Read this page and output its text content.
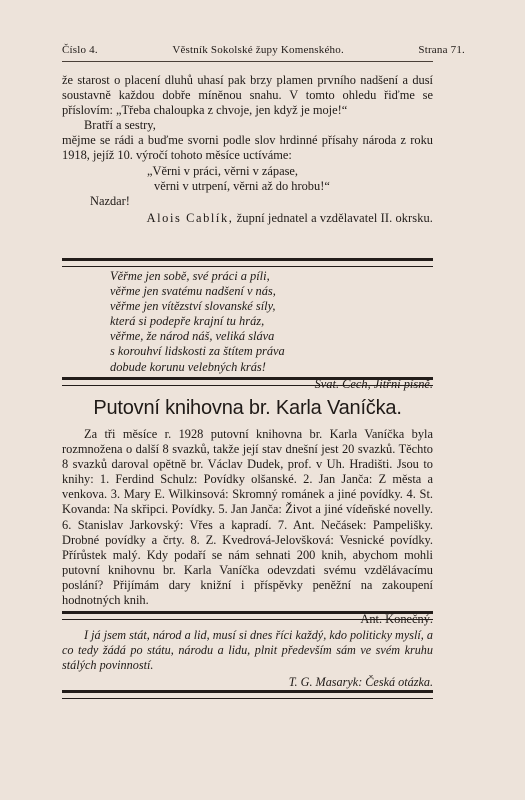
Číslo 4.	Věstník Sokolské župy Komenského.	Strana 71.

že starost o placení dluhů uhasí pak brzy plamen prvního nadšení a dusí soustavně každou dobře míněnou snahu. V tomto ohledu řiďme se příslovím: „Třeba chaloupka z chvoje, jen když je moje!“

Bratří a sestry,

mějme se rádi a buďme svorni podle slov hrdinné přísahy národa z roku 1918, jejíž 10. výročí tohoto měsíce uctíváme:

„Věrni v práci, věrni v zápase,

věrni v utrpení, věrni až do hrobu!“

Nazdar!

Alois Cablík, župní jednatel a vzdělavatel II. okrsku.

Věřme jen sobě, své práci a píli,

věřme jen svatému nadšení v nás,

věřme jen vítězství slovanské síly,

která si podepře krajní tu hráz,

věřme, že národ náš, veliká sláva

s korouhví lidskosti za štítem práva

dobude korunu velebných krás!

Svat. Čech, Jitřní písně.

Putovní knihovna br. Karla Vaníčka.

Za tři měsíce r. 1928 putovní knihovna br. Karla Vaníčka byla rozmnožena o další 8 svazků, takže její stav dnešní jest 20 svazků. Těchto 8 svazků daroval opětně br. Václav Dudek, prof. v Uh. Hradišti. Jsou to knihy: 1. Ferdind Schulz: Povídky olšanské. 2. Jan Janča: Z města a venkova. 3. Mary E. Wilkinsová: Skromný románek a jiné povídky. 4. St. Kovanda: Na skřipci. Povídky. 5. Jan Janča: Život a jiné vídeňské novelly. 6. Stanislav Jarkovský: Vřes a kapradí. 7. Ant. Nečásek: Pampelišky. Drobné povídky a črty. 8. Z. Kvedrová-Jelovšková: Vesnické povídky. Přírůstek malý. Kdy podaří se nám sehnati 200 knih, abychom mohli putovní knihovnu br. Karla Vaníčka odevzdati svému vzdělávacímu poslání? Přijímám dary knižní i příspěvky peněžní na zakoupení hodnotných knih.

Ant. Konečný.

I já jsem stát, národ a lid, musí si dnes říci každý, kdo politicky myslí, a co tedy žádá po státu, národu a lidu, plnit především sám ve svém kruhu stálých povinností.

T. G. Masaryk: Česká otázka.
